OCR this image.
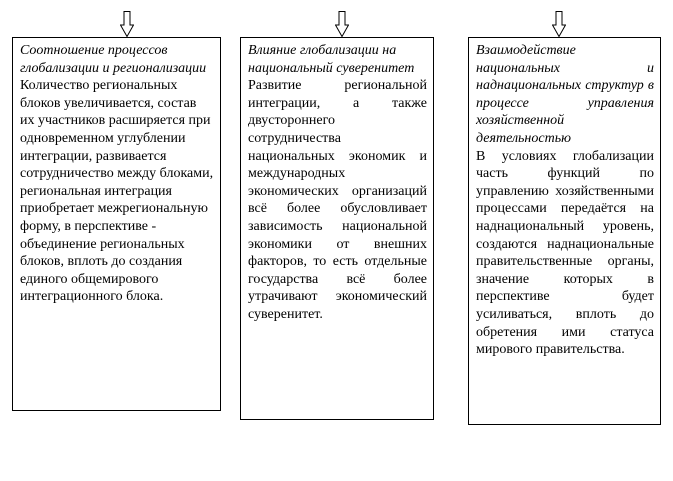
Соотношение процессов глобализации и регионализации

Количество региональных блоков увеличивается, состав их участников расширяется при одновременном углублении интеграции, развивается сотрудничество между блоками, региональная интеграция приобретает межрегиональную форму, в перспективе - объединение региональных блоков, вплоть до создания единого общемирового интеграционного блока.

Влияние глобализации на национальный суверенитет

Развитие региональной интеграции, а также двустороннего сотрудничества национальных экономик и международных экономических организаций всё более обусловливает зависимость национальной экономики от внешних факторов, то есть отдельные государства всё более утрачивают экономический суверенитет.

Взаимодействие национальных и наднациональных структур в процессе управления хозяйственной деятельностью

В условиях глобализации часть функций по управлению хозяйственными процессами передаётся на наднациональный уровень, создаются наднациональные правительственные органы, значение которых в перспективе будет усиливаться, вплоть до обретения ими статуса мирового правительства.
